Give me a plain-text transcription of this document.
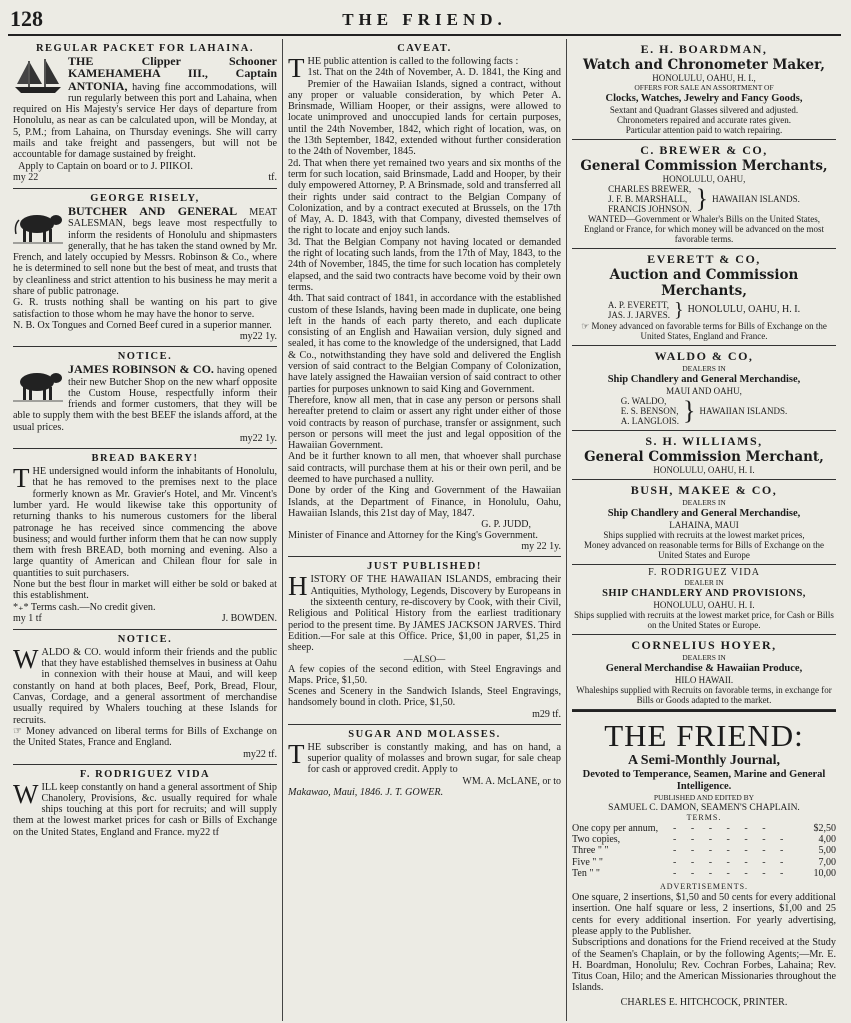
128	THE FRIEND.
REGULAR PACKET FOR LAHAINA.

THE Clipper Schooner KAMEHAMEHA III., Captain ANTONIA, having fine accommodations, will run regularly between this port and Lahaina, when required on His Majesty's service Her days of departure from Honolulu, as near as can be calculated upon, will be Monday, at 5, P.M.; from Lahaina, on Thursday evenings. She will carry mails and take freight and passengers, but will not be accountable for damage sustained by freight.

Apply to Captain on board or to J. PIIKOI.

my 22	tf.
GEORGE RISELY,

BUTCHER AND GENERAL MEAT SALESMAN, begs leave most respectfully to inform the residents of Honolulu and shipmasters generally, that he has taken the stand owned by Mr. French, and lately occupied by Messrs. Robinson & Co., where he is determined to sell none but the best of meat, and trusts that by cleanliness and strict attention to his business he may merit a share of public patronage.

G. R. trusts nothing shall be wanting on his part to give satisfaction to those whom he may have the honor to serve.

N. B. Ox Tongues and Corned Beef cured in a superior manner.

my22 1y.
NOTICE.

JAMES ROBINSON & CO. having opened their new Butcher Shop on the new wharf opposite the Custom House, respectfully inform their friends and former customers, that they will be able to supply them with the best BEEF the islands afford, at the usual prices.

my22 1y.
BREAD BAKERY!

THE undersigned would inform the inhabitants of Honolulu, that he has removed to the premises next to the place formerly known as Mr. Gravier's Hotel, and Mr. Vincent's lumber yard. He would likewise take this opportunity of returning thanks to his numerous customers for the liberal patronage he has received since commencing the above business; and would further inform them that he can now supply them with fresh BREAD, both morning and evening. Also a large quantity of American and Chilean flour for sale in quantities to suit purchasers.

None but the best flour in market will either be sold or baked at this establishment.

*₊* Terms cash.—No credit given.

my 1 tf	J. BOWDEN.
NOTICE.

WALDO & CO. would inform their friends and the public that they have established themselves in business at Oahu in connexion with their house at Maui, and will keep constantly on hand at both places, Beef, Pork, Bread, Flour, Canvas, Cordage, and a general assortment of merchandise usually required by Whalers touching at these Islands for recruits.

☞ Money advanced on liberal terms for Bills of Exchange on the United States, France and England.

my22 tf.
F. RODRIGUEZ VIDA

WILL keep constantly on hand a general assortment of Ship Chanolery, Provisions, &c. usually required for whale ships touching at this port for recruits; and will supply them at the lowest market prices for cash or Bills of Exchange on the United States, England and France. my22 tf

CAVEAT.

THE public attention is called to the following facts :

1st. That on the 24th of November, A. D. 1841, the King and Premier of the Hawaiian Islands, signed a contract, without any proper or valuable consideration, by which Peter A. Brinsmade, William Hooper, or their assigns, were allowed to locate unimproved and unoccupied lands for certain purposes, until the 24th November, 1842, which right of location, was, on the 13th September, 1842, extended without further consideration to the 24th of November, 1845.

2d. That when there yet remained two years and six months of the term for such location, said Brinsmade, Ladd and Hooper, by their duly empowered Attorney, P. A Brinsmade, sold and transferred all their rights under said contract to the Belgian Company of Colonization, and by a contract executed at Brussels, on the 17th of May, A. D. 1843, with that Company, divested themselves of the right to locate and enjoy such lands.

3d. That the Belgian Company not having located or demanded the right of locating such lands, from the 17th of May, 1843, to the 24th of November, 1845, the time for such location has completely elapsed, and the said two contracts have become void by their own terms.

4th. That said contract of 1841, in accordance with the established custom of these Islands, having been made in duplicate, one being left in the hands of each party thereto, and each duplicate consisting of an English and Hawaiian version, duly signed and sealed, it has come to the knowledge of the undersigned, that Ladd & Co., notwithstanding they have sold and delivered the English version of said contract to the Belgian Company of Colonization, have lately assigned the Hawaiian version of said contract to other parties for purposes unknown to said King and Government.

Therefore, know all men, that in case any person or persons shall hereafter pretend to claim or assert any right under either of those void contracts by reason of purchase, transfer or assignment, such person or persons will meet the just and legal opposition of the Hawaiian Government.

And be it further known to all men, that whoever shall purchase said contracts, will purchase them at his or their own peril, and be deemed to have purchased a nullity.

Done by order of the King and Government of the Hawaiian Islands, at the Department of Finance, in Honolulu, Oahu, Hawaiian Islands, this 21st day of May, 1847.

G. P. JUDD,

Minister of Finance and Attorney for the King's Government.

my 22 1y.
JUST PUBLISHED!

HISTORY OF THE HAWAIIAN ISLANDS, embracing their Antiquities, Mythology, Legends, Discovery by Europeans in the sixteenth century, re-discovery by Cook, with their Civil, Religious and Political History from the earliest traditionary period to the present time. By JAMES JACKSON JARVES. Third Edition.—For sale at this Office. Price, $1,00 in paper, $1,25 in sheep.

—ALSO—

A few copies of the second edition, with Steel Engravings and Maps. Price, $1,50.

Scenes and Scenery in the Sandwich Islands, Steel Engravings, handsomely bound in cloth. Price, $1,50.

m29 tf.
SUGAR AND MOLASSES.

THE subscriber is constantly making, and has on hand, a superior quality of molasses and brown sugar, for sale cheap for cash or approved credit. Apply to

WM. A. McLANE, or to

Makawao, Maui, 1846. J. T. GOWER.

E. H. BOARDMAN,
Watch and Chronometer Maker,
HONOLULU, OAHU, H. I.,
OFFERS FOR SALE AN ASSORTMENT OF
Clocks, Watches, Jewelry and Fancy Goods,
Sextant and Quadrant Glasses silvered and adjusted.
Chronometers repaired and accurate rates given.
Particular attention paid to watch repairing.
C. BREWER & CO,
General Commission Merchants,
HONOLULU, OAHU,
CHARLES BREWER,
J. F. B. MARSHALL,
FRANCIS JOHNSON. } HAWAIIAN ISLANDS.
WANTED—Government or Whaler's Bills on the United States, England or France, for which money will be advanced on the most favorable terms.
EVERETT & CO,
Auction and Commission Merchants,
A. P. EVERETT,
JAS. J. JARVES. } HONOLULU, OAHU, H. I.
☞ Money advanced on favorable terms for Bills of Exchange on the United States, England and France.
WALDO & CO,
DEALERS IN
Ship Chandlery and General Merchandise,
MAUI AND OAHU,
G. WALDO,
E. S. BENSON,
A. LANGLOIS. } HAWAIIAN ISLANDS.
S. H. WILLIAMS,
General Commission Merchant,
HONOLULU, OAHU, H. I.
BUSH, MAKEE & CO,
DEALERS IN
Ship Chandlery and General Merchandise,
LAHAINA, MAUI
Ships supplied with recruits at the lowest market prices,
Money advanced on reasonable terms for Bills of Exchange on the United States and Europe
F. RODRIGUEZ VIDA
DEALER IN
SHIP CHANDLERY AND PROVISIONS,
HONOLULU, OAHU. H. I.
Ships supplied with recruits at the lowest market price, for Cash or Bills on the United States or Europe.
CORNELIUS HOYER,
DEALERS IN
General Merchandise & Hawaiian Produce,
HILO HAWAII.
Whaleships supplied with Recruits on favorable terms, in exchange for Bills or Goods adapted to the market.
THE FRIEND:
A Semi-Monthly Journal,
Devoted to Temperance, Seamen, Marine and General Intelligence.
PUBLISHED AND EDITED BY
SAMUEL C. DAMON, SEAMEN'S CHAPLAIN.
TERMS.
One copy per annum,	- - - - - -	$2,50
Two copies,	- - - - - - -	4,00
Three " "	- - - - - - -	5,00
Five " "	- - - - - - -	7,00
Ten " "	- - - - - - -	10,00
ADVERTISEMENTS.

One square, 2 insertions, $1,50 and 50 cents for every additional insertion. One half square or less, 2 insertions, $1,00 and 25 cents for every additional insertion. For yearly advertising, please apply to the Publisher.

Subscriptions and donations for the Friend received at the Study of the Seamen's Chaplain, or by the following Agents;—Mr. E. H. Boardman, Honolulu; Rev. Cochran Forbes, Lahaina; Rev. Titus Coan, Hilo; and the American Missionaries throughout the Islands.

CHARLES E. HITCHCOCK, PRINTER.
